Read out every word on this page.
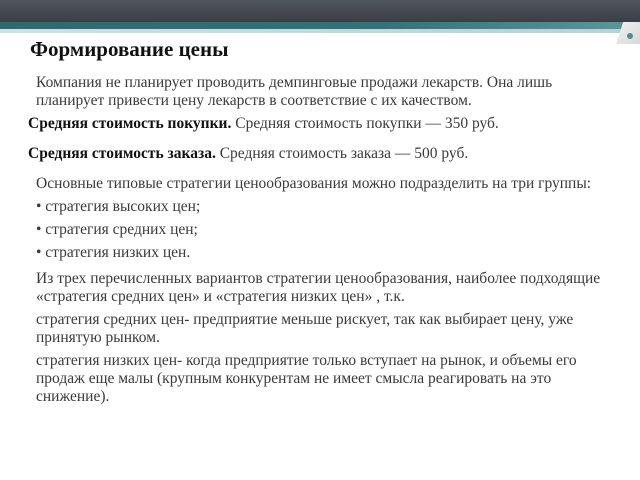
Формирование цены

Компания не планирует проводить демпинговые продажи лекарств. Она лишь планирует привести цену лекарств в соответствие с их качеством.

Средняя стоимость покупки. Средняя стоимость покупки — 350 руб.

Средняя стоимость заказа. Средняя стоимость заказа — 500 руб.

Основные типовые стратегии ценообразования можно подразделить на три группы:

• стратегия высоких цен;

• стратегия средних цен;

• стратегия низких цен.

Из трех перечисленных вариантов стратегии ценообразования, наиболее подходящие «стратегия средних цен» и «стратегия низких цен» , т.к.

стратегия средних цен- предприятие меньше рискует, так как выбирает цену, уже принятую рынком.

стратегия низких цен- когда предприятие только вступает на рынок, и объемы его продаж еще малы (крупным конкурентам не имеет смысла реагировать на это снижение).
